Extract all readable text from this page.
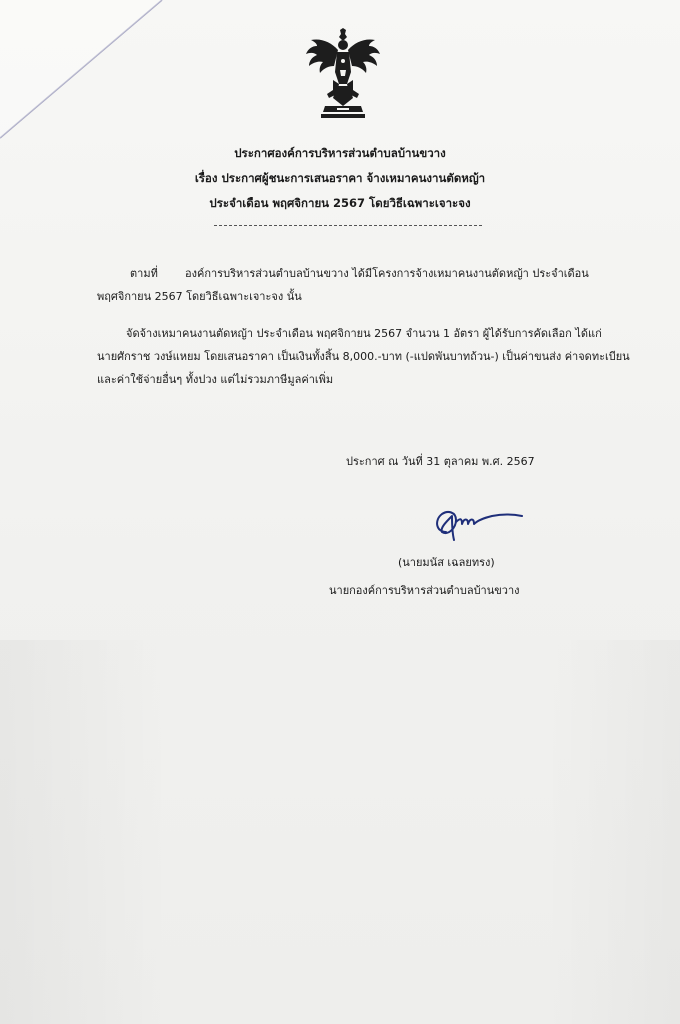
ประกาศองค์การบริหารส่วนตำบลบ้านขวาง
เรื่อง ประกาศผู้ชนะการเสนอราคา จ้างเหมาคนงานตัดหญ้า
ประจำเดือน พฤศจิกายน 2567 โดยวิธีเฉพาะเจาะจง
ตามที่ องค์การบริหารส่วนตำบลบ้านขวาง ได้มีโครงการจ้างเหมาคนงานตัดหญ้า ประจำเดือน
พฤศจิกายน 2567 โดยวิธีเฉพาะเจาะจง นั้น
จัดจ้างเหมาคนงานตัดหญ้า ประจำเดือน พฤศจิกายน 2567 จำนวน 1 อัตรา ผู้ได้รับการคัดเลือก ได้แก่
นายศักราช วงษ์แหยม โดยเสนอราคา เป็นเงินทั้งสิ้น 8,000.-บาท (-แปดพันบาทถ้วน-) เป็นค่าขนส่ง ค่าจดทะเบียน
และค่าใช้จ่ายอื่นๆ ทั้งปวง แต่ไม่รวมภาษีมูลค่าเพิ่ม
ประกาศ ณ วันที่ 31 ตุลาคม พ.ศ. 2567
(นายมนัส เฉลยทรง)
นายกองค์การบริหารส่วนตำบลบ้านขวาง
